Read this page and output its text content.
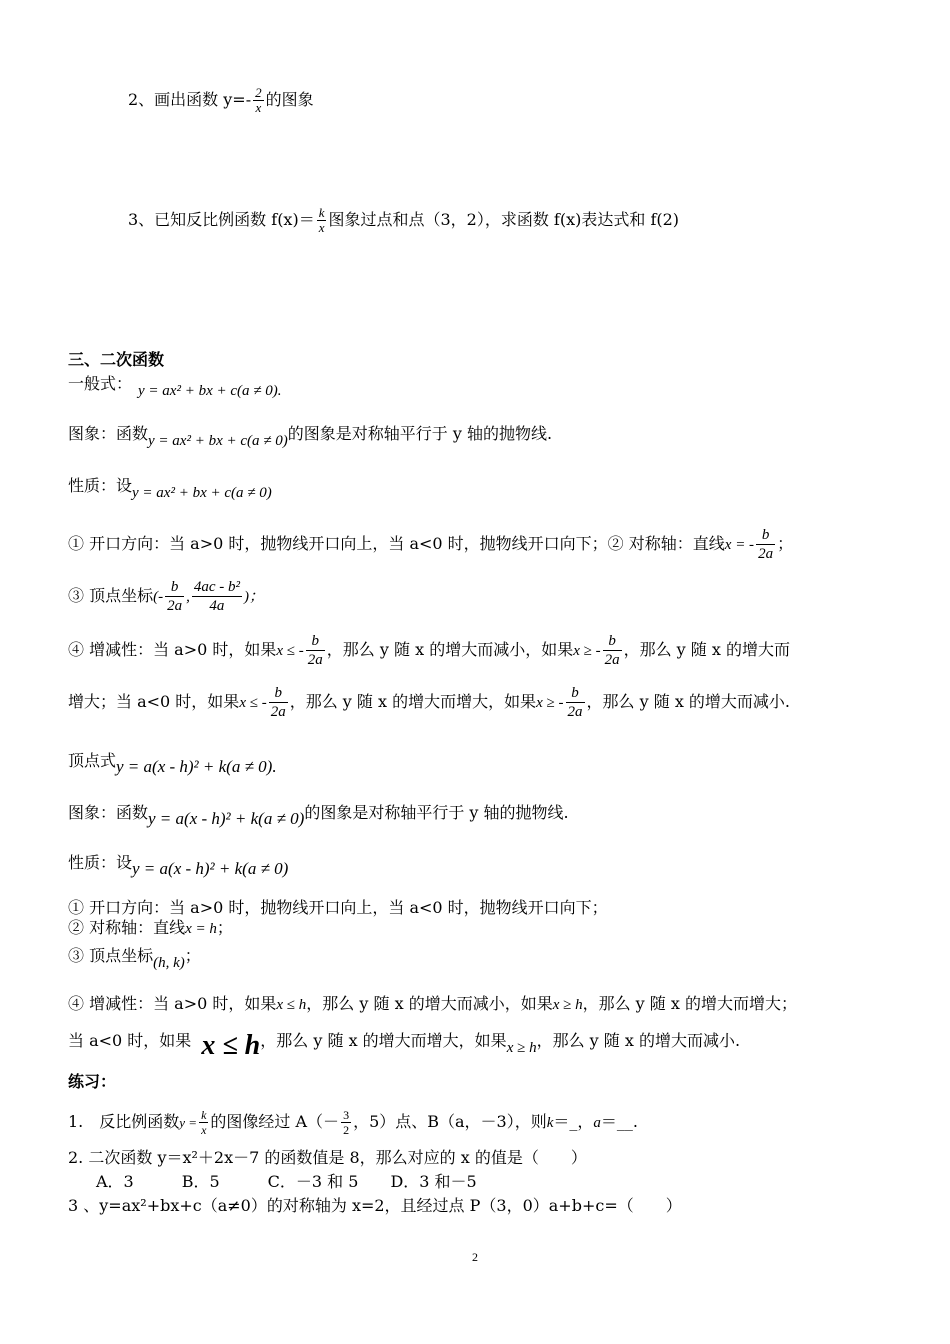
2、画出函数 $y=- \frac{2}{x}$ 的图象
3、已知反比例函数 $f(x)= \frac{k}{x}$ 图象过点和点（3，2），求函数 f(x)表达式和 f(2)
三、二次函数
一般式： y = ax² + bx + c(a ≠ 0).
图象：函数y = ax² + bx + c(a ≠ 0)的图象是对称轴平行于 y 轴的抛物线.
性质：设y = ax² + bx + c(a ≠ 0)
① 开口方向：当 a>0 时，抛物线开口向上，当 a<0 时，抛物线开口向下；② 对称轴：直线x = - $\frac{b}{2a}$ ；
③ 顶点坐标(- $\frac{b}{2a}$ , $\frac{\text{4ac - b²}}{4a}$ )；
④ 增减性：当 a>0 时，如果x ≤ - $\frac{b}{2a}$ ，那么 y 随 x 的增大而减小，如果x ≥ - $\frac{b}{2a}$ ，那么 y 随 x 的增大而
增大；当 a<0 时，如果x ≤ - $\frac{b}{2a}$ ，那么 y 随 x 的增大而增大，如果x ≥ - $\frac{b}{2a}$ ，那么 y 随 x 的增大而减小.
顶点式y = a(x - h)² + k(a ≠ 0).
图象：函数y = a(x - h)² + k(a ≠ 0)的图象是对称轴平行于 y 轴的抛物线.
性质：设y = a(x - h)² + k(a ≠ 0)
① 开口方向：当 a>0 时，抛物线开口向上，当 a<0 时，抛物线开口向下；
② 对称轴：直线x = h；
③ 顶点坐标(h, k)；
④ 增减性：当 a>0 时，如果x ≤ h，那么 y 随 x 的增大而减小，如果x ≥ h，那么 y 随 x 的增大而增大；
当 a<0 时，如果 x ≤ h，那么 y 随 x 的增大而增大，如果x ≥ h，那么 y 随 x 的增大而减小.
练习：
1.　反比例函数$y = \frac{k}{x}$ 的图像经过 $A(- \frac{3}{2}$ ，5）点、B（a，－3），则k＝_，a＝__.
2. 二次函数 y＝x²＋2x－7 的函数值是 8，那么对应的 x 的值是（　　）
A．3　　　B．5　　　C．－3 和 5　　D．3 和－5
3 、y=ax²+bx+c（a≠0）的对称轴为 x=2，且经过点 P（3，0）a+b+c=（　　）
2
